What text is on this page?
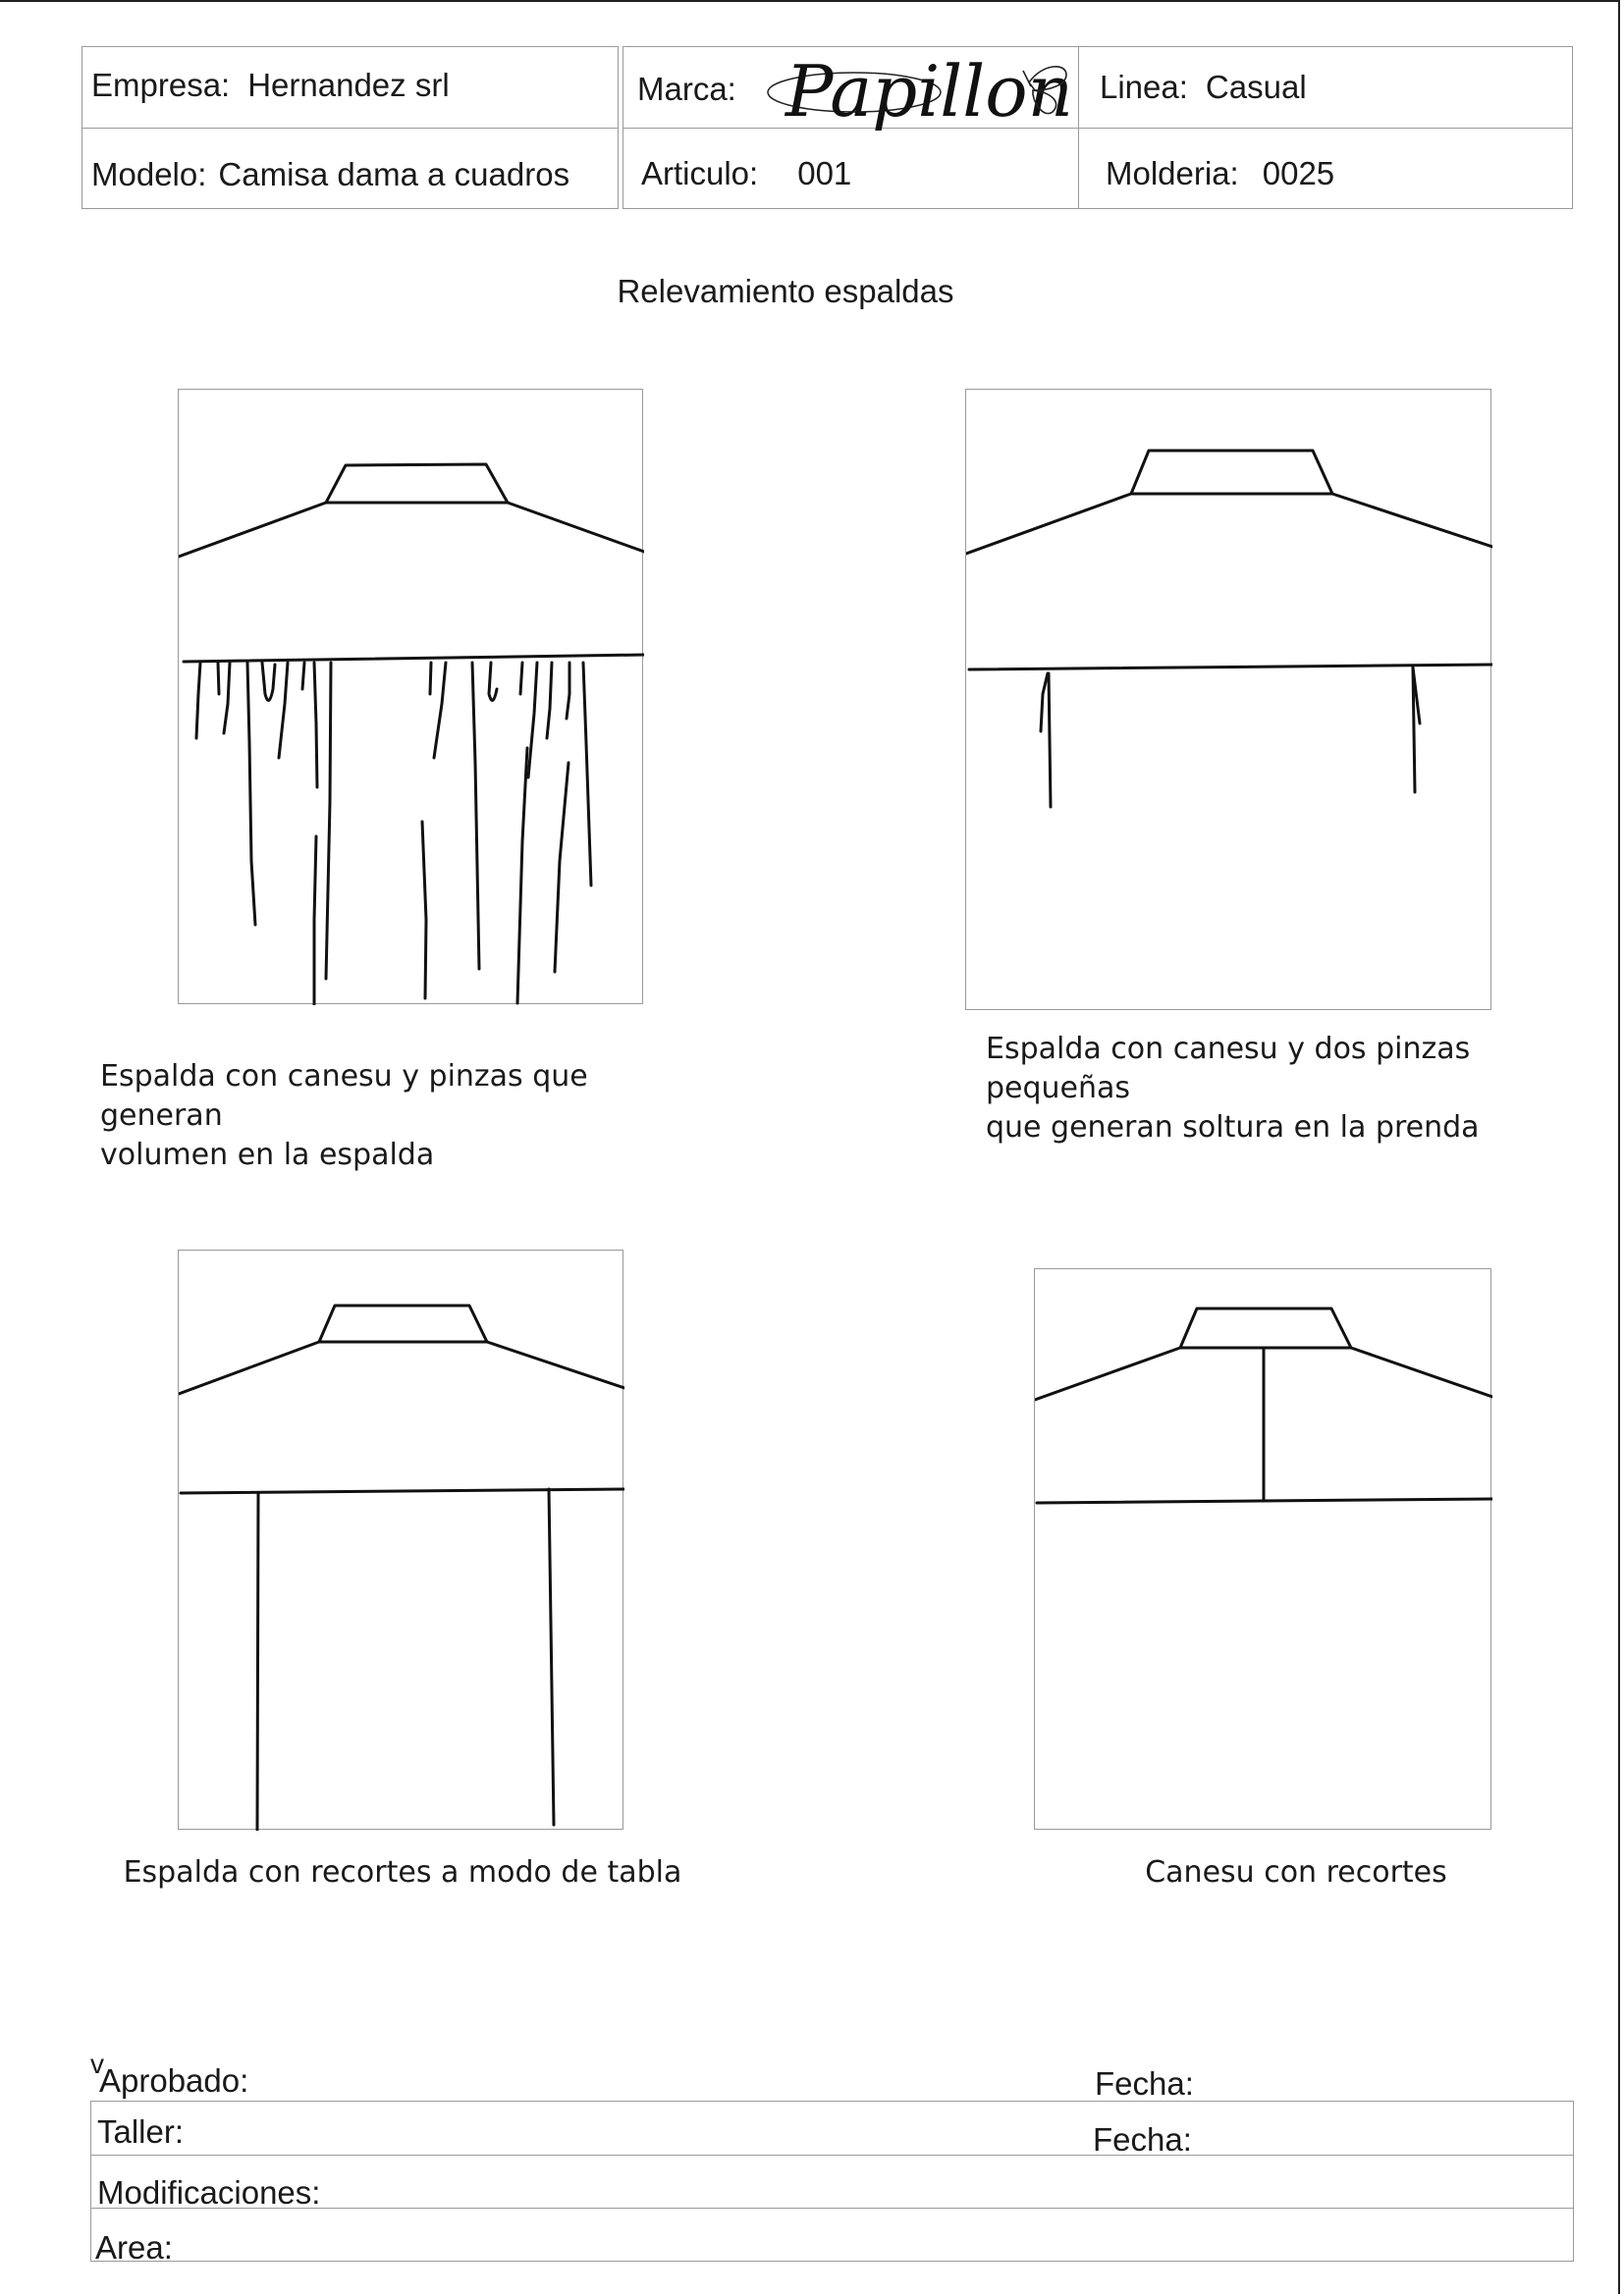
Empresa: Hernandez srl	Marca: Papillon Linea: Casual
Modelo: Camisa dama a cuadros Articulo: 001	Molderia: 0025
Relevamiento espaldas
Espalda con canesu y pinzas que generan
volumen en la espalda
Espalda con canesu y dos pinzas pequeñas
que generan soltura en la prenda
Espalda con recortes a modo de tabla	Canesu con recortes
v
Aprobado:	Fecha:
Taller:	Fecha:
Modificaciones:
Area:
